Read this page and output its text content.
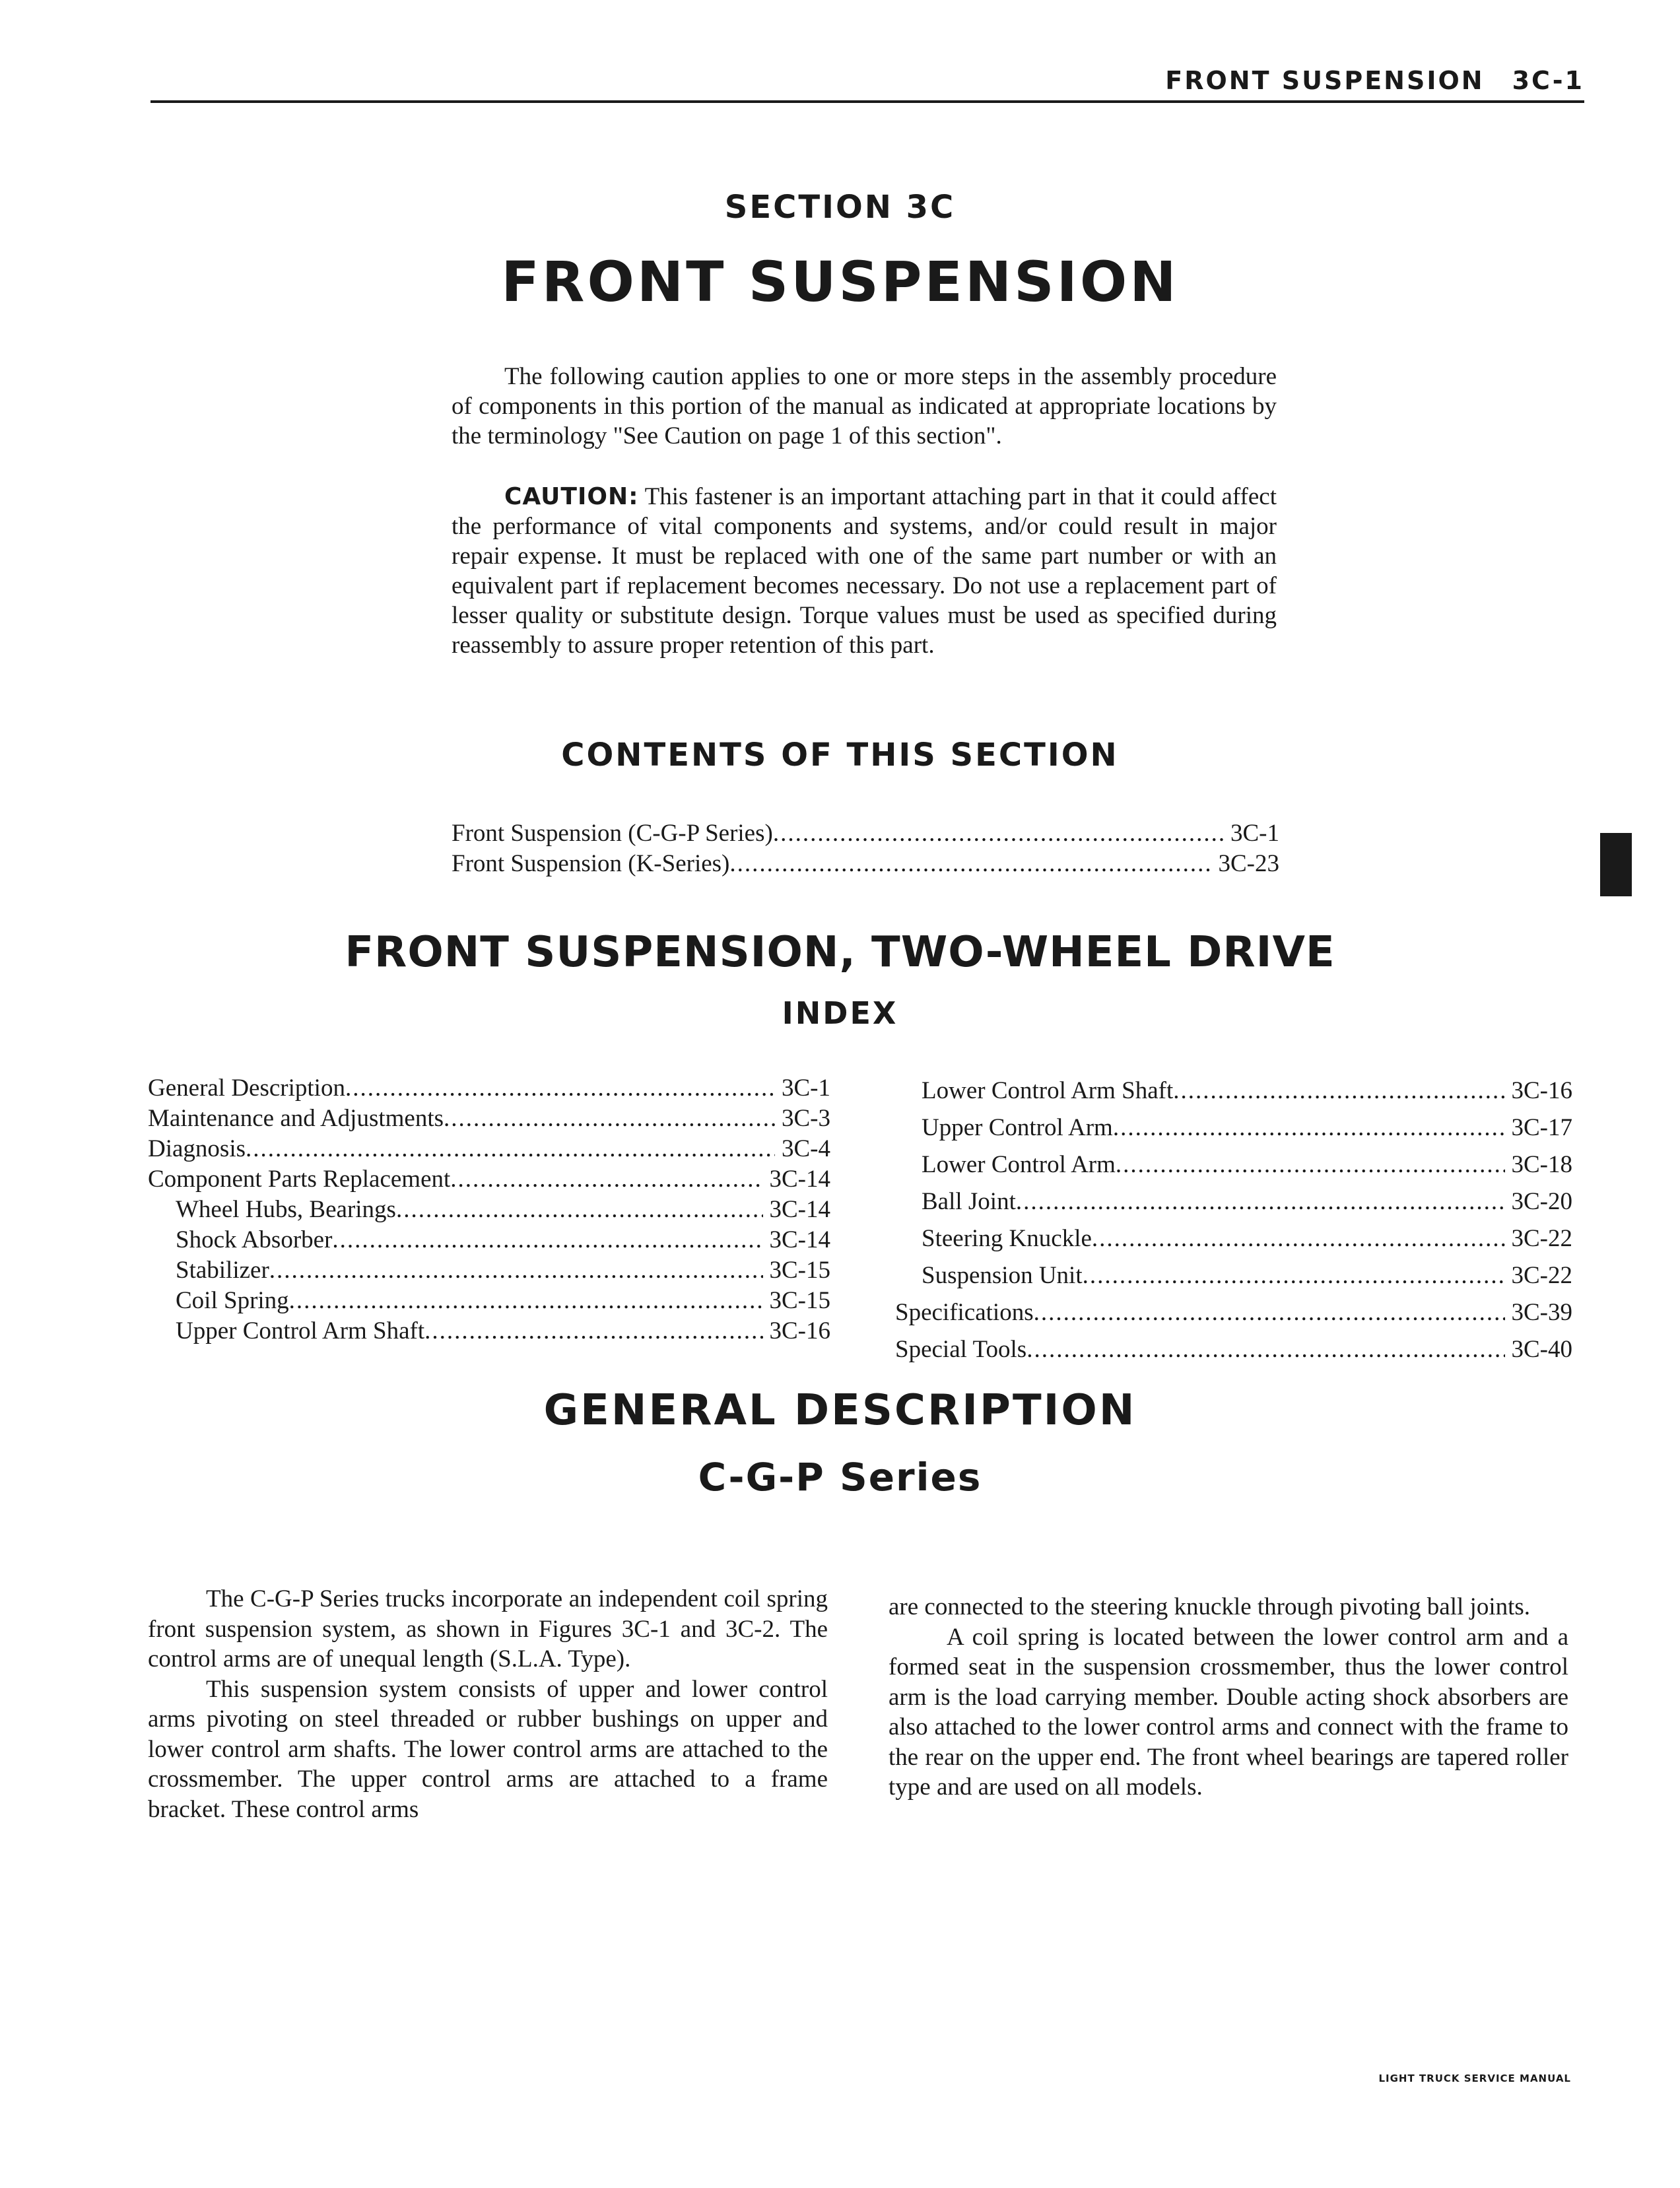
FRONT SUSPENSION 3C-1
SECTION 3C
FRONT SUSPENSION

The following caution applies to one or more steps in the assembly procedure of components in this portion of the manual as indicated at appropriate locations by the terminology "See Caution on page 1 of this section".

CAUTION: This fastener is an important attaching part in that it could affect the performance of vital components and systems, and/or could result in major repair expense. It must be replaced with one of the same part number or with an equivalent part if replacement becomes necessary. Do not use a replacement part of lesser quality or substitute design. Torque values must be used as specified during reassembly to assure proper retention of this part.

CONTENTS OF THIS SECTION
Front Suspension (C-G-P Series) .....	3C-1
Front Suspension (K-Series) .....	3C-23
FRONT SUSPENSION, TWO-WHEEL DRIVE
INDEX
General Description .....	3C-1
Maintenance and Adjustments .....	3C-3
Diagnosis .....	3C-4
Component Parts Replacement .....	3C-14
Wheel Hubs, Bearings .....	3C-14
Shock Absorber .....	3C-14
Stabilizer .....	3C-15
Coil Spring .....	3C-15
Upper Control Arm Shaft .....	3C-16
Lower Control Arm Shaft .....	3C-16
Upper Control Arm .....	3C-17
Lower Control Arm .....	3C-18
Ball Joint .....	3C-20
Steering Knuckle .....	3C-22
Suspension Unit .....	3C-22
Specifications .....	3C-39
Special Tools .....	3C-40
GENERAL DESCRIPTION
C-G-P Series

The C-G-P Series trucks incorporate an independent coil spring front suspension system, as shown in Figures 3C-1 and 3C-2. The control arms are of unequal length (S.L.A. Type).

This suspension system consists of upper and lower control arms pivoting on steel threaded or rubber bushings on upper and lower control arm shafts. The lower control arms are attached to the crossmember. The upper control arms are attached to a frame bracket. These control arms

are connected to the steering knuckle through pivoting ball joints.

A coil spring is located between the lower control arm and a formed seat in the suspension crossmember, thus the lower control arm is the load carrying member. Double acting shock absorbers are also attached to the lower control arms and connect with the frame to the rear on the upper end. The front wheel bearings are tapered roller type and are used on all models.

LIGHT TRUCK SERVICE MANUAL
